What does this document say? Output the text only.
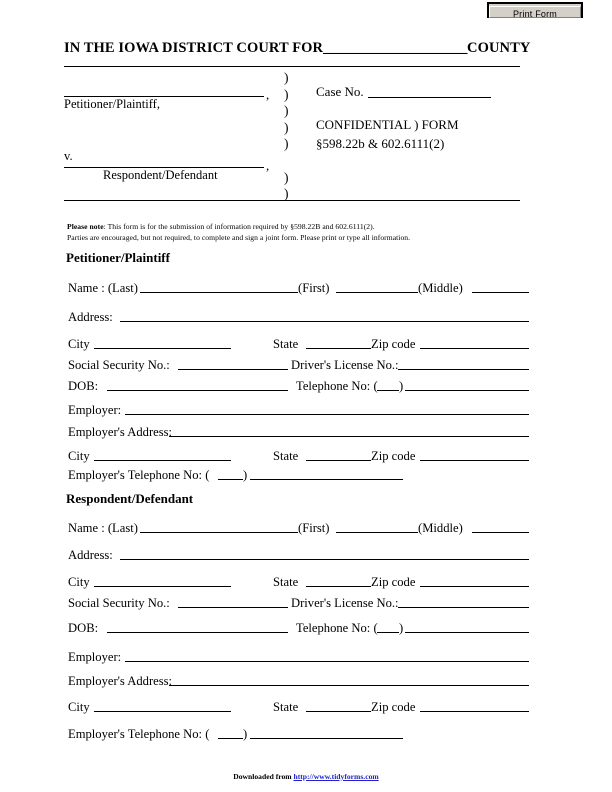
Print Form
IN THE IOWA DISTRICT COURT FOR_____________________COUNTY
,
Petitioner/Plaintiff,
v.
,
Respondent/Defendant
)
)
)
)
)

)
)
Case No.
CONFIDENTIAL ) FORM
§598.22b & 602.6111(2)
Please note: This form is for the submission of information required by §598.22B and 602.6111(2).
Parties are encouraged, but not required, to complete and sign a joint form. Please print or type all information.
Petitioner/Plaintiff
Name : (Last)	(First)	(Middle)
Address:
City	State	Zip code
Social Security No.:	Driver's License No.:
DOB:	Telephone No: ( )
Employer:
Employer's Address:
City	State	Zip code
Employer's Telephone No: (	)
Respondent/Defendant
Name : (Last)	(First)	(Middle)
Address:
City	State	Zip code
Social Security No.:	Driver's License No.:
DOB:	Telephone No: ( )
Employer:
Employer's Address:
City	State	Zip code
Employer's Telephone No: (	)
Downloaded from http://www.tidyforms.com
